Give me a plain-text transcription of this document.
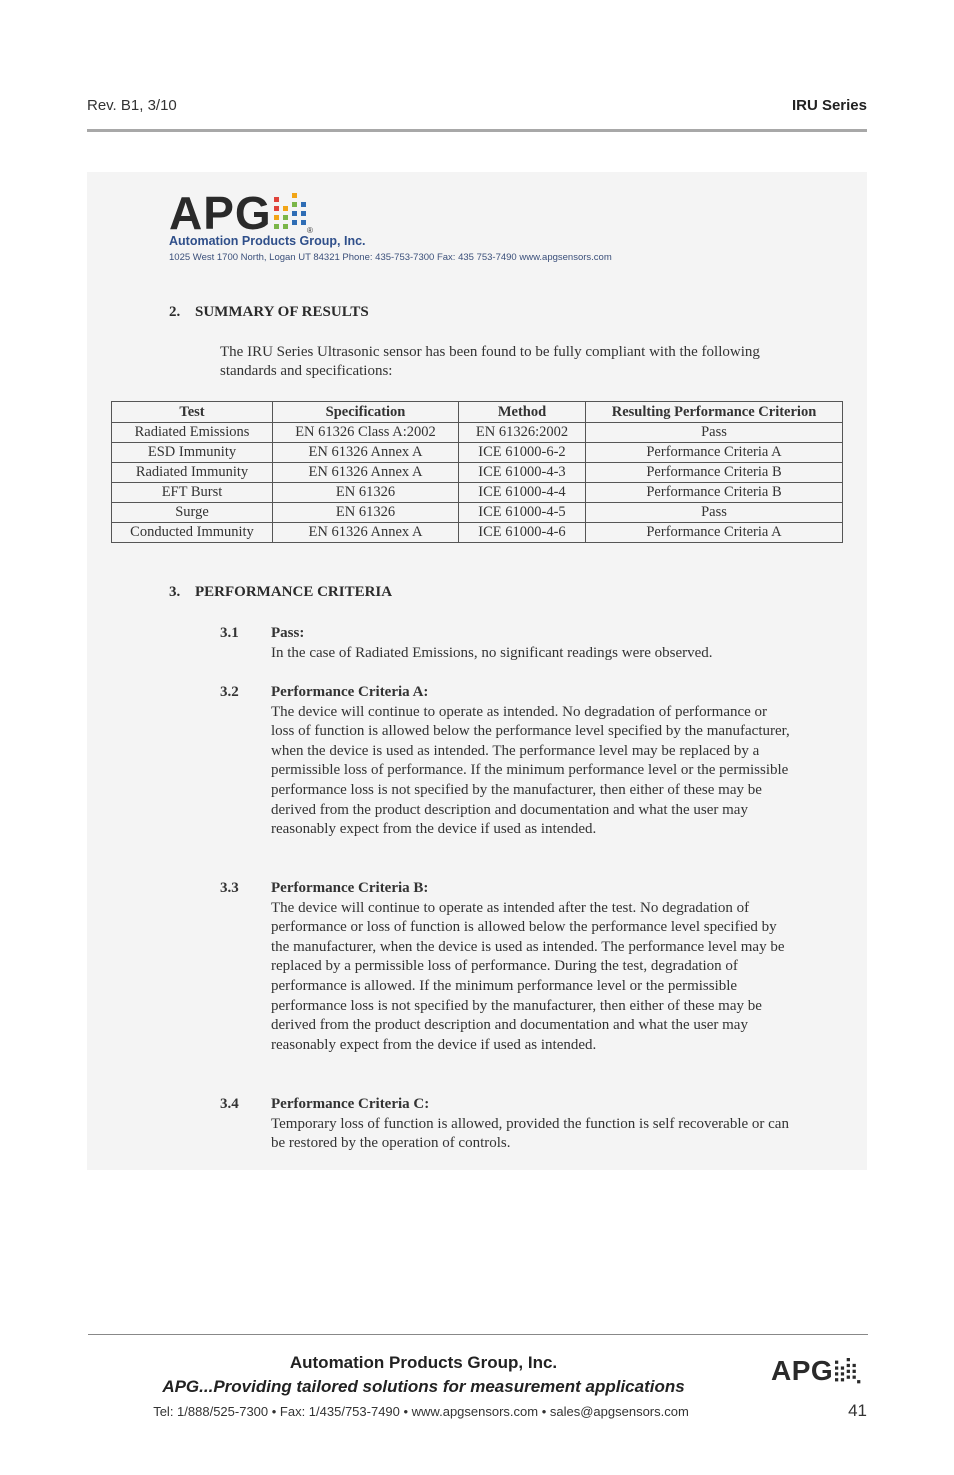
Rev. B1, 3/10	IRU Series
APG	®
Automation Products Group, Inc.
1025 West 1700 North, Logan UT 84321 Phone: 435-753-7300 Fax: 435 753-7490 www.apgsensors.com
2. SUMMARY OF RESULTS
The IRU Series Ultrasonic sensor has been found to be fully compliant with the following standards and specifications:
Test	Specification	Method	Resulting Performance Criterion
Radiated Emissions	EN 61326 Class A:2002	EN 61326:2002	Pass
ESD Immunity	EN 61326 Annex A	ICE 61000-6-2	Performance Criteria A
Radiated Immunity	EN 61326 Annex A	ICE 61000-4-3	Performance Criteria B
EFT Burst	EN 61326	ICE 61000-4-4	Performance Criteria B
Surge	EN 61326	ICE 61000-4-5	Pass
Conducted Immunity	EN 61326 Annex A	ICE 61000-4-6	Performance Criteria A
3. PERFORMANCE CRITERIA
3.1 Pass:
In the case of Radiated Emissions, no significant readings were observed.
3.2 Performance Criteria A:
The device will continue to operate as intended. No degradation of performance or loss of function is allowed below the performance level specified by the manufacturer, when the device is used as intended. The performance level may be replaced by a permissible loss of performance. If the minimum performance level or the permissible performance loss is not specified by the manufacturer, then either of these may be derived from the product description and documentation and what the user may reasonably expect from the device if used as intended.
3.3 Performance Criteria B:
The device will continue to operate as intended after the test. No degradation of performance or loss of function is allowed below the performance level specified by the manufacturer, when the device is used as intended. The performance level may be replaced by a permissible loss of performance. During the test, degradation of performance is allowed. If the minimum performance level or the permissible performance loss is not specified by the manufacturer, then either of these may be derived from the product description and documentation and what the user may reasonably expect from the device if used as intended.
3.4 Performance Criteria C:
Temporary loss of function is allowed, provided the function is self recoverable or can be restored by the operation of controls.
Automation Products Group, Inc.
APG...Providing tailored solutions for measurement applications
Tel: 1/888/525-7300 • Fax: 1/435/753-7490 • www.apgsensors.com • sales@apgsensors.com
APG
41
